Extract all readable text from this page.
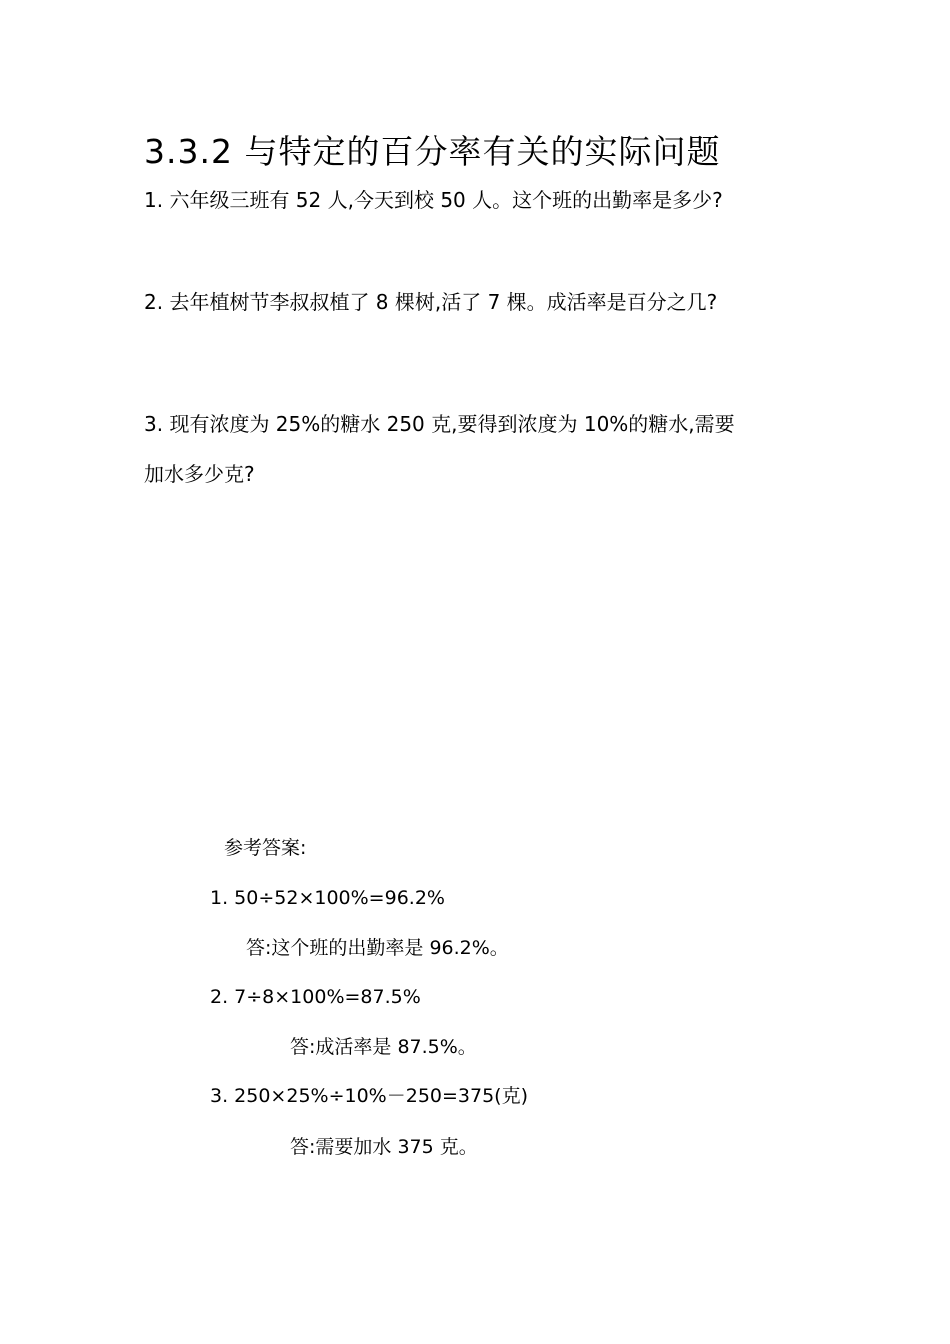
3.3.2 与特定的百分率有关的实际问题
1. 六年级三班有 52 人,今天到校 50 人。这个班的出勤率是多少?
2. 去年植树节李叔叔植了 8 棵树,活了 7 棵。成活率是百分之几?
3. 现有浓度为 25%的糖水 250 克,要得到浓度为 10%的糖水,需要
加水多少克?
参考答案:
1. 50÷52×100%=96.2%
答:这个班的出勤率是 96.2%。
2. 7÷8×100%=87.5%
答:成活率是 87.5%。
3. 250×25%÷10%－250=375(克)
答:需要加水 375 克。
